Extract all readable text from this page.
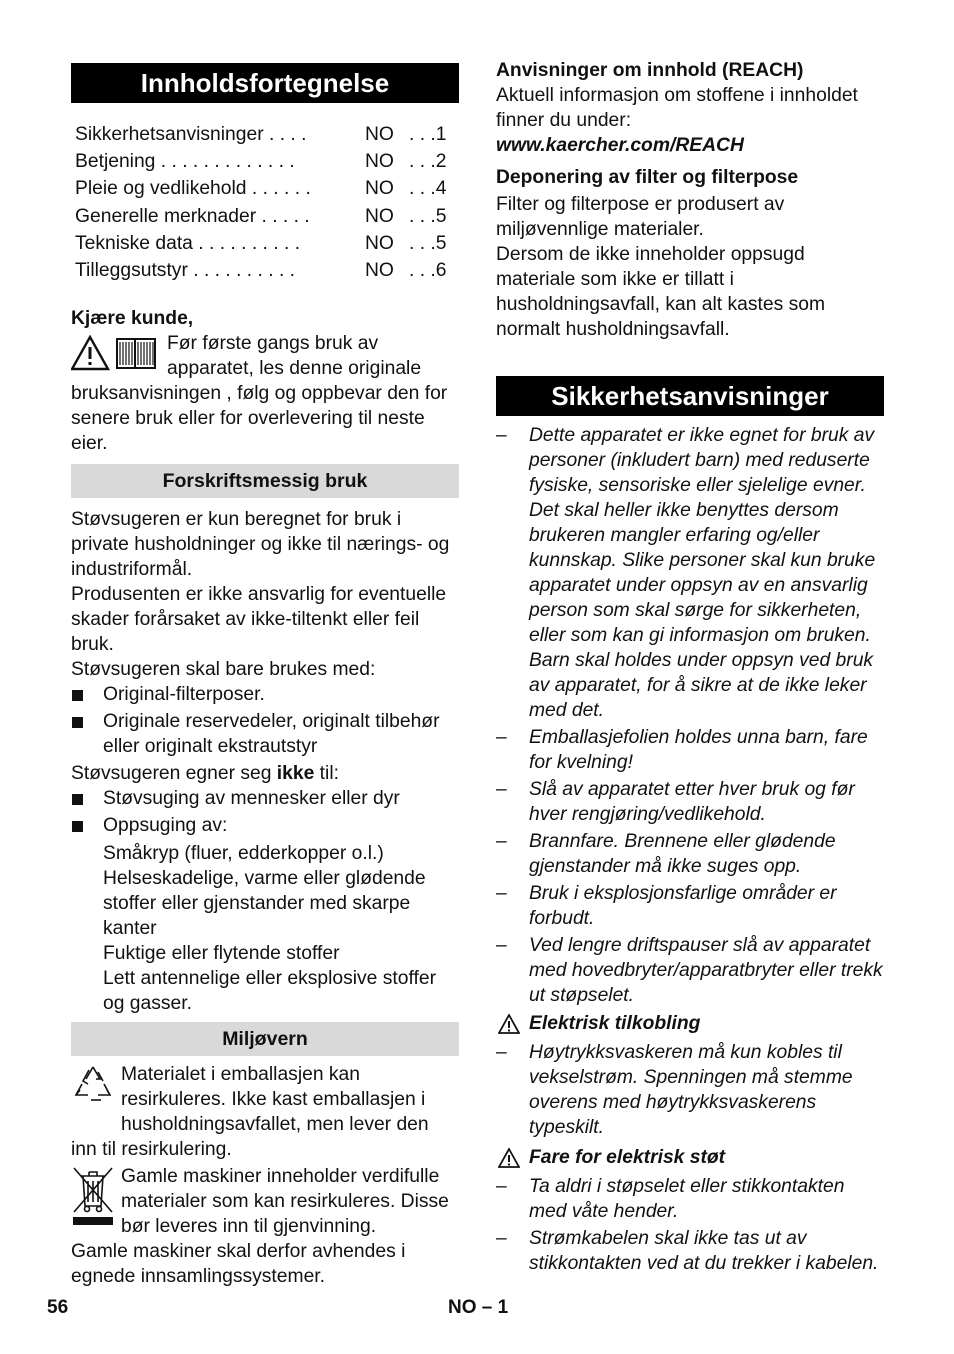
Innholdsfortegnelse
Sikkerhetsanvisninger . . . .	NO	. . .1
Betjening . . . . . . . . . . . . .	NO	. . .2
Pleie og vedlikehold . . . . . .	NO	. . .4
Generelle merknader . . . . .	NO	. . .5
Tekniske data . . . . . . . . . .	NO	. . .5
Tilleggsutstyr . . . . . . . . . .	NO	. . .6

Kjære kunde,

Før første gangs bruk av apparatet, les denne originale bruksanvisningen , følg og oppbevar den for senere bruk eller for overlevering til neste eier.
Forskriftsmessig bruk

Støvsugeren er kun beregnet for bruk i private husholdninger og ikke til nærings- og industriformål.

Produsenten er ikke ansvarlig for eventuelle skader forårsaket av ikke-tiltenkt eller feil bruk.

Støvsugeren skal bare brukes med:

Original-filterposer.
Originale reservedeler, originalt tilbehør eller originalt ekstrautstyr

Støvsugeren egner seg ikke til:

Støvsuging av mennesker eller dyr
Oppsuging av:

Småkryp (fluer, edderkopper o.l.)

Helseskadelige, varme eller glødende stoffer eller gjenstander med skarpe kanter

Fuktige eller flytende stoffer

Lett antennelige eller eksplosive stoffer og gasser.

Miljøvern
Materialet i emballasjen kan resirkuleres. Ikke kast emballasjen i husholdningsavfallet, men lever den inn til resirkulering.
Gamle maskiner inneholder verdifulle materialer som kan resirkuleres. Disse bør leveres inn til gjenvinning.

Gamle maskiner skal derfor avhendes i egnede innsamlingssystemer.

Anvisninger om innhold (REACH)

Aktuell informasjon om stoffene i innholdet finner du under:

www.kaercher.com/REACH

Deponering av filter og filterpose

Filter og filterpose er produsert av miljøvennlige materialer.

Dersom de ikke inneholder oppsugd materiale som ikke er tillatt i husholdningsavfall, kan alt kastes som normalt husholdningsavfall.

Sikkerhetsanvisninger
– Dette apparatet er ikke egnet for bruk av personer (inkludert barn) med reduserte fysiske, sensoriske eller sjelelige evner. Det skal heller ikke benyttes dersom brukeren mangler erfaring og/eller kunnskap. Slike personer skal kun bruke apparatet under oppsyn av en ansvarlig person som skal sørge for sikkerheten, eller som kan gi informasjon om bruken. Barn skal holdes under oppsyn ved bruk av apparatet, for å sikre at de ikke leker med det.
– Emballasjefolien holdes unna barn, fare for kvelning!
– Slå av apparatet etter hver bruk og før hver rengjøring/vedlikehold.
– Brannfare. Brennene eller glødende gjenstander må ikke suges opp.
– Bruk i eksplosjonsfarlige områder er forbudt.
– Ved lengre driftspauser slå av apparatet med hovedbryter/apparatbryter eller trekk ut støpselet.
Elektrisk tilkobling
– Høytrykksvaskeren må kun kobles til vekselstrøm. Spenningen må stemme overens med høytrykksvaskerens typeskilt.
Fare for elektrisk støt
– Ta aldri i støpselet eller stikkontakten med våte hender.
– Strømkabelen skal ikke tas ut av stikkontakten ved at du trekker i kabelen.
56	NO – 1
